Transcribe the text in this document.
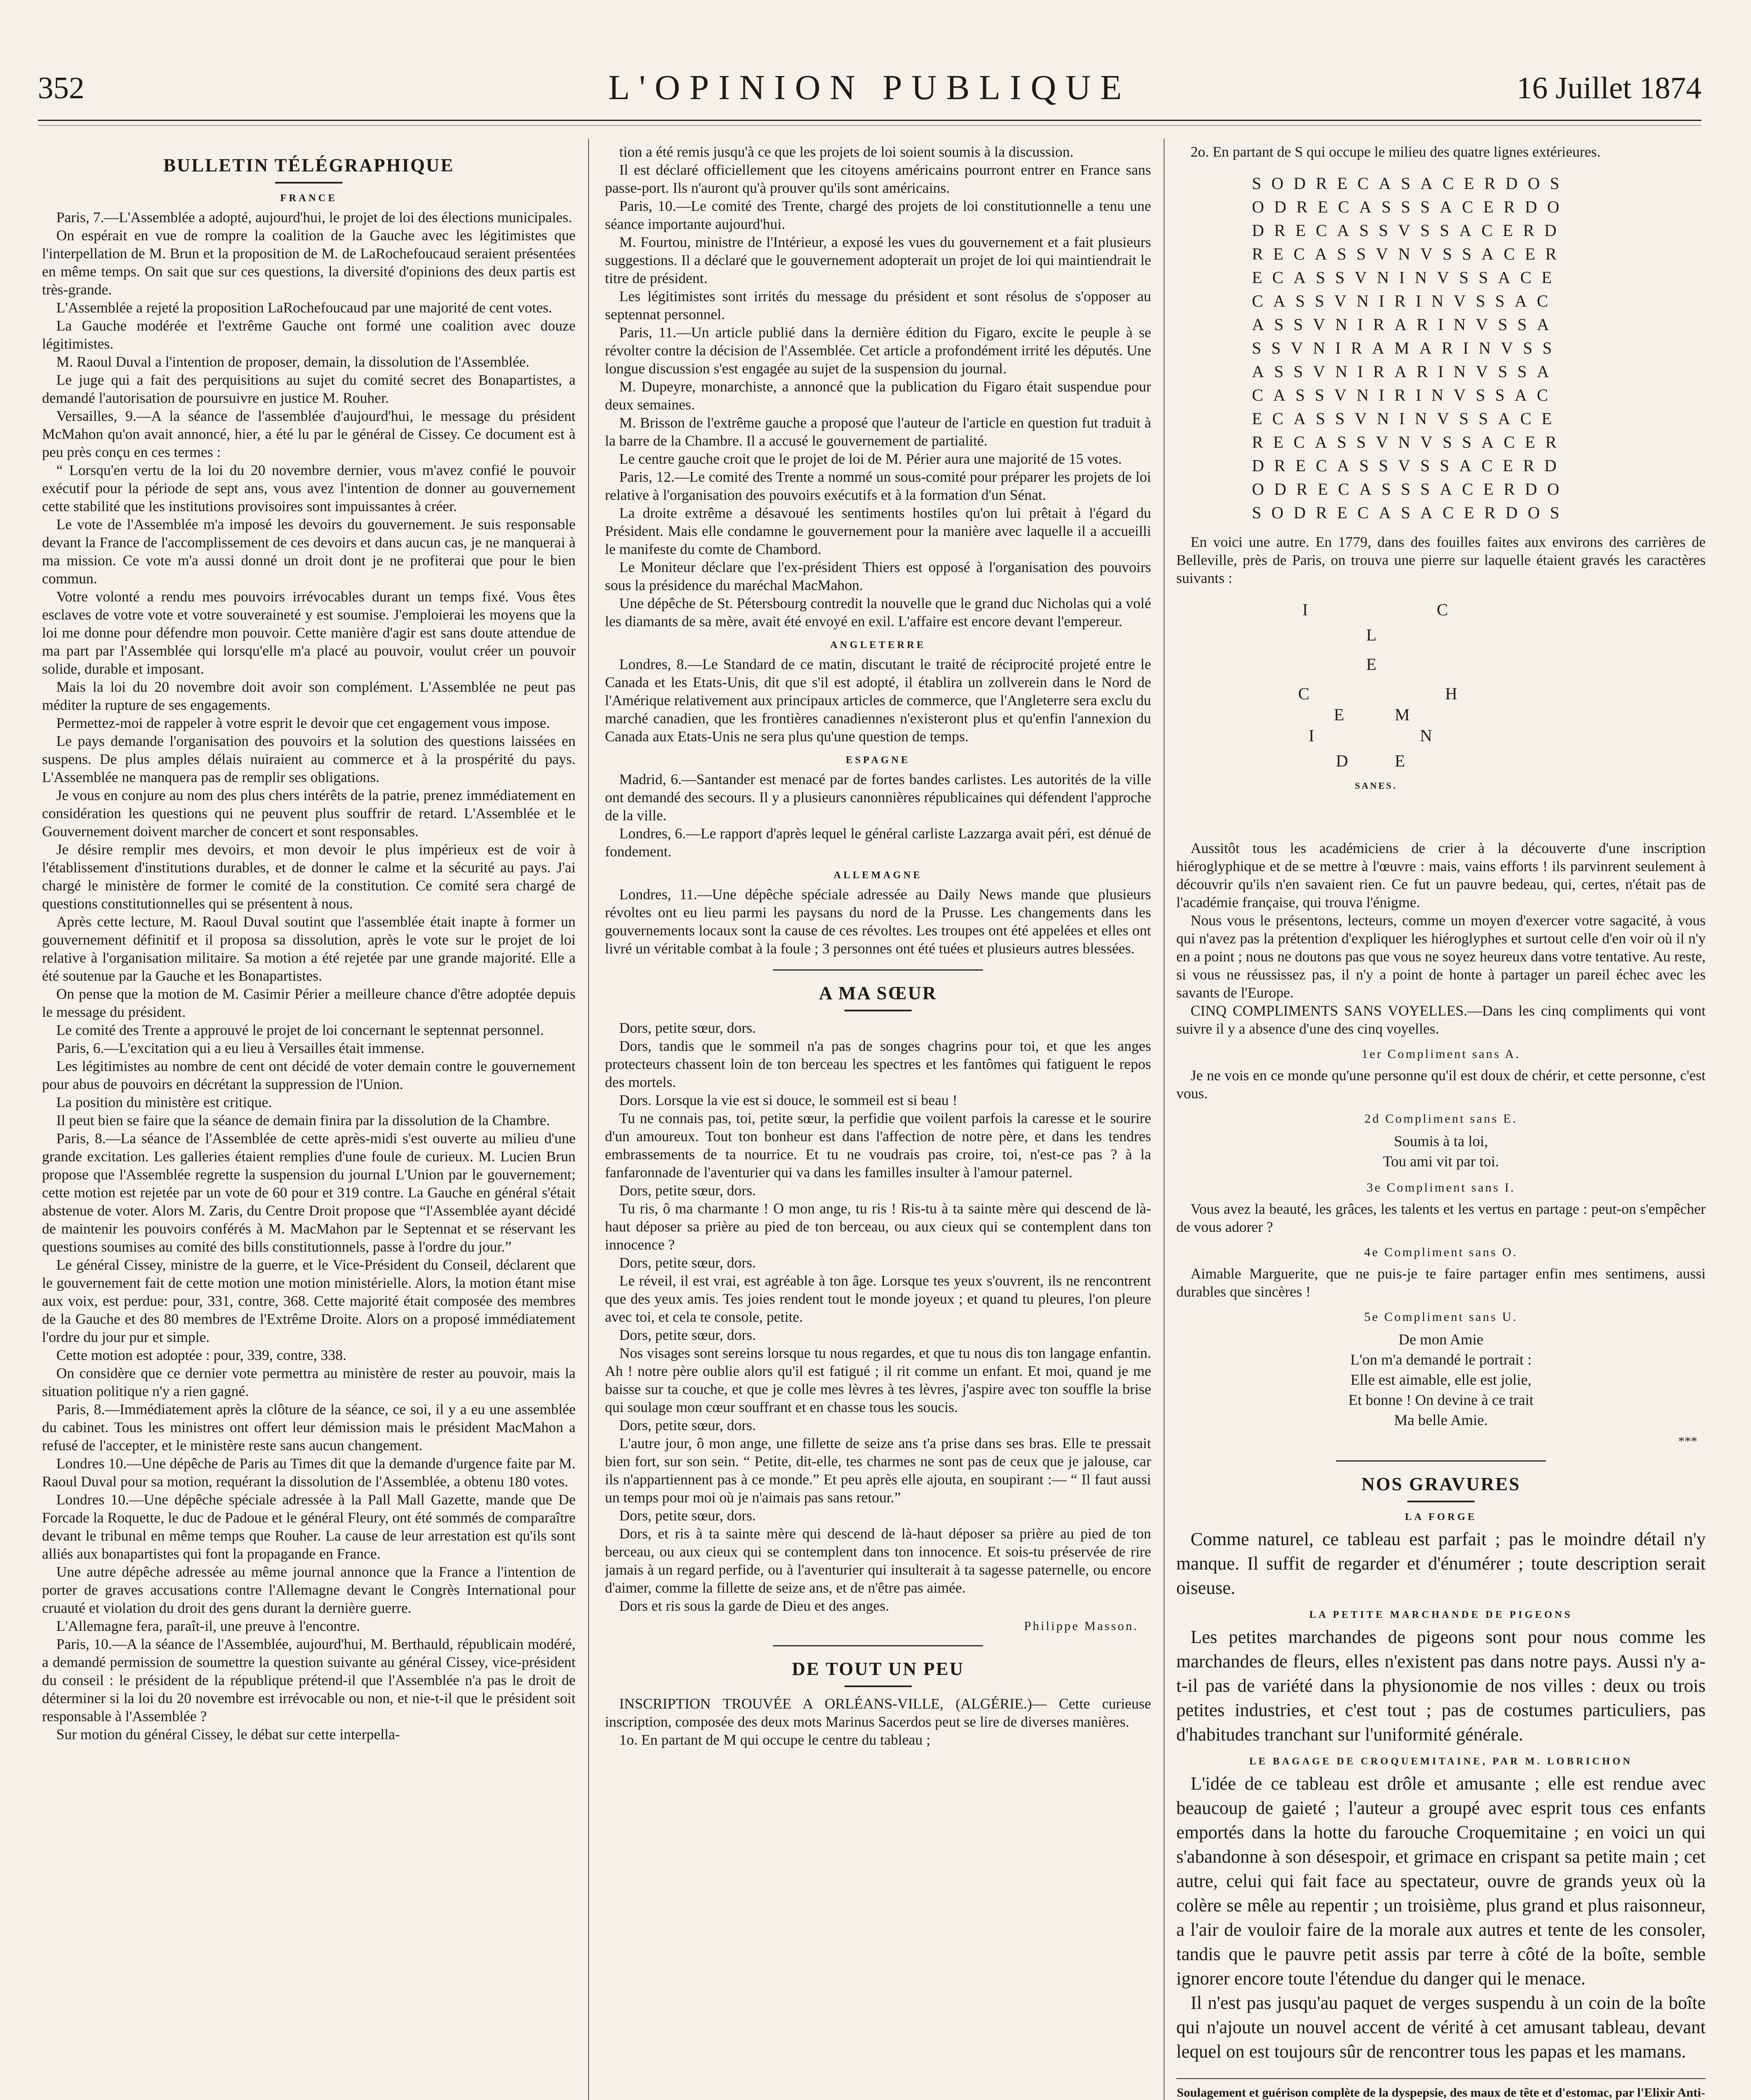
352	L'OPINION PUBLIQUE	16 Juillet 1874
BULLETIN TÉLÉGRAPHIQUE
FRANCE

Paris, 7.—L'Assemblée a adopté, aujourd'hui, le projet de loi des élections municipales.

On espérait en vue de rompre la coalition de la Gauche avec les légitimistes que l'interpellation de M. Brun et la proposition de M. de LaRochefoucaud seraient présentées en même temps. On sait que sur ces questions, la diversité d'opinions des deux partis est très-grande.

L'Assemblée a rejeté la proposition LaRochefoucaud par une majorité de cent votes.

La Gauche modérée et l'extrême Gauche ont formé une coalition avec douze légitimistes.

M. Raoul Duval a l'intention de proposer, demain, la dissolution de l'Assemblée.

Le juge qui a fait des perquisitions au sujet du comité secret des Bonapartistes, a demandé l'autorisation de poursuivre en justice M. Rouher.

Versailles, 9.—A la séance de l'assemblée d'aujourd'hui, le message du président McMahon qu'on avait annoncé, hier, a été lu par le général de Cissey. Ce document est à peu près conçu en ces termes :

“ Lorsqu'en vertu de la loi du 20 novembre dernier, vous m'avez confié le pouvoir exécutif pour la période de sept ans, vous avez l'intention de donner au gouvernement cette stabilité que les institutions provisoires sont impuissantes à créer.

Le vote de l'Assemblée m'a imposé les devoirs du gouvernement. Je suis responsable devant la France de l'accomplissement de ces devoirs et dans aucun cas, je ne manquerai à ma mission. Ce vote m'a aussi donné un droit dont je ne profiterai que pour le bien commun.

Votre volonté a rendu mes pouvoirs irrévocables durant un temps fixé. Vous êtes esclaves de votre vote et votre souveraineté y est soumise. J'emploierai les moyens que la loi me donne pour défendre mon pouvoir. Cette manière d'agir est sans doute attendue de ma part par l'Assemblée qui lorsqu'elle m'a placé au pouvoir, voulut créer un pouvoir solide, durable et imposant.

Mais la loi du 20 novembre doit avoir son complément. L'Assemblée ne peut pas méditer la rupture de ses engagements.

Permettez-moi de rappeler à votre esprit le devoir que cet engagement vous impose.

Le pays demande l'organisation des pouvoirs et la solution des questions laissées en suspens. De plus amples délais nuiraient au commerce et à la prospérité du pays. L'Assemblée ne manquera pas de remplir ses obligations.

Je vous en conjure au nom des plus chers intérêts de la patrie, prenez immédiatement en considération les questions qui ne peuvent plus souffrir de retard. L'Assemblée et le Gouvernement doivent marcher de concert et sont responsables.

Je désire remplir mes devoirs, et mon devoir le plus impérieux est de voir à l'établissement d'institutions durables, et de donner le calme et la sécurité au pays. J'ai chargé le ministère de former le comité de la constitution. Ce comité sera chargé de questions constitutionnelles qui se présentent à nous.

Après cette lecture, M. Raoul Duval soutint que l'assemblée était inapte à former un gouvernement définitif et il proposa sa dissolution, après le vote sur le projet de loi relative à l'organisation militaire. Sa motion a été rejetée par une grande majorité. Elle a été soutenue par la Gauche et les Bonapartistes.

On pense que la motion de M. Casimir Périer a meilleure chance d'être adoptée depuis le message du président.

Le comité des Trente a approuvé le projet de loi concernant le septennat personnel.

Paris, 6.—L'excitation qui a eu lieu à Versailles était immense.

Les légitimistes au nombre de cent ont décidé de voter demain contre le gouvernement pour abus de pouvoirs en décrétant la suppression de l'Union.

La position du ministère est critique.

Il peut bien se faire que la séance de demain finira par la dissolution de la Chambre.

Paris, 8.—La séance de l'Assemblée de cette après-midi s'est ouverte au milieu d'une grande excitation. Les galleries étaient remplies d'une foule de curieux. M. Lucien Brun propose que l'Assemblée regrette la suspension du journal L'Union par le gouvernement; cette motion est rejetée par un vote de 60 pour et 319 contre. La Gauche en général s'était abstenue de voter. Alors M. Zaris, du Centre Droit propose que “l'Assemblée ayant décidé de maintenir les pouvoirs conférés à M. MacMahon par le Septennat et se réservant les questions soumises au comité des bills constitutionnels, passe à l'ordre du jour.”

Le général Cissey, ministre de la guerre, et le Vice-Président du Conseil, déclarent que le gouvernement fait de cette motion une motion ministérielle. Alors, la motion étant mise aux voix, est perdue: pour, 331, contre, 368. Cette majorité était composée des membres de la Gauche et des 80 membres de l'Extrême Droite. Alors on a proposé immédiatement l'ordre du jour pur et simple.

Cette motion est adoptée : pour, 339, contre, 338.

On considère que ce dernier vote permettra au ministère de rester au pouvoir, mais la situation politique n'y a rien gagné.

Paris, 8.—Immédiatement après la clôture de la séance, ce soi, il y a eu une assemblée du cabinet. Tous les ministres ont offert leur démission mais le président MacMahon a refusé de l'accepter, et le ministère reste sans aucun changement.

Londres 10.—Une dépêche de Paris au Times dit que la demande d'urgence faite par M. Raoul Duval pour sa motion, requérant la dissolution de l'Assemblée, a obtenu 180 votes.

Londres 10.—Une dépêche spéciale adressée à la Pall Mall Gazette, mande que De Forcade la Roquette, le duc de Padoue et le général Fleury, ont été sommés de comparaître devant le tribunal en même temps que Rouher. La cause de leur arrestation est qu'ils sont alliés aux bonapartistes qui font la propagande en France.

Une autre dépêche adressée au même journal annonce que la France a l'intention de porter de graves accusations contre l'Allemagne devant le Congrès International pour cruauté et violation du droit des gens durant la dernière guerre.

L'Allemagne fera, paraît-il, une preuve à l'encontre.

Paris, 10.—A la séance de l'Assemblée, aujourd'hui, M. Berthauld, républicain modéré, a demandé permission de soumettre la question suivante au général Cissey, vice-président du conseil : le président de la république prétend-il que l'Assemblée n'a pas le droit de déterminer si la loi du 20 novembre est irrévocable ou non, et nie-t-il que le président soit responsable à l'Assemblée ?

Sur motion du général Cissey, le débat sur cette interpella-

tion a été remis jusqu'à ce que les projets de loi soient soumis à la discussion.

Il est déclaré officiellement que les citoyens américains pourront entrer en France sans passe-port. Ils n'auront qu'à prouver qu'ils sont américains.

Paris, 10.—Le comité des Trente, chargé des projets de loi constitutionnelle a tenu une séance importante aujourd'hui.

M. Fourtou, ministre de l'Intérieur, a exposé les vues du gouvernement et a fait plusieurs suggestions. Il a déclaré que le gouvernement adopterait un projet de loi qui maintiendrait le titre de président.

Les légitimistes sont irrités du message du président et sont résolus de s'opposer au septennat personnel.

Paris, 11.—Un article publié dans la dernière édition du Figaro, excite le peuple à se révolter contre la décision de l'Assemblée. Cet article a profondément irrité les députés. Une longue discussion s'est engagée au sujet de la suspension du journal.

M. Dupeyre, monarchiste, a annoncé que la publication du Figaro était suspendue pour deux semaines.

M. Brisson de l'extrême gauche a proposé que l'auteur de l'article en question fut traduit à la barre de la Chambre. Il a accusé le gouvernement de partialité.

Le centre gauche croit que le projet de loi de M. Périer aura une majorité de 15 votes.

Paris, 12.—Le comité des Trente a nommé un sous-comité pour préparer les projets de loi relative à l'organisation des pouvoirs exécutifs et à la formation d'un Sénat.

La droite extrême a désavoué les sentiments hostiles qu'on lui prêtait à l'égard du Président. Mais elle condamne le gouvernement pour la manière avec laquelle il a accueilli le manifeste du comte de Chambord.

Le Moniteur déclare que l'ex-président Thiers est opposé à l'organisation des pouvoirs sous la présidence du maréchal MacMahon.

Une dépêche de St. Pétersbourg contredit la nouvelle que le grand duc Nicholas qui a volé les diamants de sa mère, avait été envoyé en exil. L'affaire est encore devant l'empereur.

ANGLETERRE

Londres, 8.—Le Standard de ce matin, discutant le traité de réciprocité projeté entre le Canada et les Etats-Unis, dit que s'il est adopté, il établira un zollverein dans le Nord de l'Amérique relativement aux principaux articles de commerce, que l'Angleterre sera exclu du marché canadien, que les frontières canadiennes n'existeront plus et qu'enfin l'annexion du Canada aux Etats-Unis ne sera plus qu'une question de temps.

ESPAGNE

Madrid, 6.—Santander est menacé par de fortes bandes carlistes. Les autorités de la ville ont demandé des secours. Il y a plusieurs canonnières républicaines qui défendent l'approche de la ville.

Londres, 6.—Le rapport d'après lequel le général carliste Lazzarga avait péri, est dénué de fondement.

ALLEMAGNE

Londres, 11.—Une dépêche spéciale adressée au Daily News mande que plusieurs révoltes ont eu lieu parmi les paysans du nord de la Prusse. Les changements dans les gouvernements locaux sont la cause de ces révoltes. Les troupes ont été appelées et elles ont livré un véritable combat à la foule ; 3 personnes ont été tuées et plusieurs autres blessées.

A MA SŒUR

Dors, petite sœur, dors.

Dors, tandis que le sommeil n'a pas de songes chagrins pour toi, et que les anges protecteurs chassent loin de ton berceau les spectres et les fantômes qui fatiguent le repos des mortels.

Dors. Lorsque la vie est si douce, le sommeil est si beau !

Tu ne connais pas, toi, petite sœur, la perfidie que voilent parfois la caresse et le sourire d'un amoureux. Tout ton bonheur est dans l'affection de notre père, et dans les tendres embrassements de ta nourrice. Et tu ne voudrais pas croire, toi, n'est-ce pas ? à la fanfaronnade de l'aventurier qui va dans les familles insulter à l'amour paternel.

Dors, petite sœur, dors.

Tu ris, ô ma charmante ! O mon ange, tu ris ! Ris-tu à ta sainte mère qui descend de là-haut déposer sa prière au pied de ton berceau, ou aux cieux qui se contemplent dans ton innocence ?

Dors, petite sœur, dors.

Le réveil, il est vrai, est agréable à ton âge. Lorsque tes yeux s'ouvrent, ils ne rencontrent que des yeux amis. Tes joies rendent tout le monde joyeux ; et quand tu pleures, l'on pleure avec toi, et cela te console, petite.

Dors, petite sœur, dors.

Nos visages sont sereins lorsque tu nous regardes, et que tu nous dis ton langage enfantin. Ah ! notre père oublie alors qu'il est fatigué ; il rit comme un enfant. Et moi, quand je me baisse sur ta couche, et que je colle mes lèvres à tes lèvres, j'aspire avec ton souffle la brise qui soulage mon cœur souffrant et en chasse tous les soucis.

Dors, petite sœur, dors.

L'autre jour, ô mon ange, une fillette de seize ans t'a prise dans ses bras. Elle te pressait bien fort, sur son sein. “ Petite, dit-elle, tes charmes ne sont pas de ceux que je jalouse, car ils n'appartiennent pas à ce monde.” Et peu après elle ajouta, en soupirant :— “ Il faut aussi un temps pour moi où je n'aimais pas sans retour.”

Dors, petite sœur, dors.

Dors, et ris à ta sainte mère qui descend de là-haut déposer sa prière au pied de ton berceau, ou aux cieux qui se contemplent dans ton innocence. Et sois-tu préservée de rire jamais à un regard perfide, ou à l'aventurier qui insulterait à ta sagesse paternelle, ou encore d'aimer, comme la fillette de seize ans, et de n'être pas aimée.

Dors et ris sous la garde de Dieu et des anges.

Philippe Masson.
DE TOUT UN PEU

INSCRIPTION TROUVÉE A ORLÉANS-VILLE, (ALGÉRIE.)— Cette curieuse inscription, composée des deux mots Marinus Sacerdos peut se lire de diverses manières.

1o. En partant de M qui occupe le centre du tableau ;

2o. En partant de S qui occupe le milieu des quatre lignes extérieures.

SODRECASACERDOS
ODRECASSSACERDO
DRECASSVSSACERD
RECASSVNVSSACER
ECASSVNINVSSACE
CASSVNIRINVSSAC
ASSVNIRARINVSSA
SSVNIRAMARINVSS
ASSVNIRARINVSSA
CASSVNIRINVSSAC
ECASSVNINVSSACE
RECASSVNVSSACER
DRECASSVSSACERD
ODRECASSSACERDO
SODRECASACERDOS

En voici une autre. En 1779, dans des fouilles faites aux environs des carrières de Belleville, près de Paris, on trouva une pierre sur laquelle étaient gravés les caractères suivants :

I	C
L
E
C	H
E	M
I	N
D	E
SANES.

Aussitôt tous les académiciens de crier à la découverte d'une inscription hiéroglyphique et de se mettre à l'œuvre : mais, vains efforts ! ils parvinrent seulement à découvrir qu'ils n'en savaient rien. Ce fut un pauvre bedeau, qui, certes, n'était pas de l'académie française, qui trouva l'énigme.

Nous vous le présentons, lecteurs, comme un moyen d'exercer votre sagacité, à vous qui n'avez pas la prétention d'expliquer les hiéroglyphes et surtout celle d'en voir où il n'y en a point ; nous ne doutons pas que vous ne soyez heureux dans votre tentative. Au reste, si vous ne réussissez pas, il n'y a point de honte à partager un pareil échec avec les savants de l'Europe.

CINQ COMPLIMENTS SANS VOYELLES.—Dans les cinq compliments qui vont suivre il y a absence d'une des cinq voyelles.

1er Compliment sans A.

Je ne vois en ce monde qu'une personne qu'il est doux de chérir, et cette personne, c'est vous.

2d Compliment sans E.

Soumis à ta loi,

Tou ami vit par toi.

3e Compliment sans I.

Vous avez la beauté, les grâces, les talents et les vertus en partage : peut-on s'empêcher de vous adorer ?

4e Compliment sans O.

Aimable Marguerite, que ne puis-je te faire partager enfin mes sentimens, aussi durables que sincères !

5e Compliment sans U.

De mon Amie

L'on m'a demandé le portrait :

Elle est aimable, elle est jolie,

Et bonne ! On devine à ce trait

Ma belle Amie.

***
NOS GRAVURES
LA FORGE

Comme naturel, ce tableau est parfait ; pas le moindre détail n'y manque. Il suffit de regarder et d'énumérer ; toute description serait oiseuse.

LA PETITE MARCHANDE DE PIGEONS

Les petites marchandes de pigeons sont pour nous comme les marchandes de fleurs, elles n'existent pas dans notre pays. Aussi n'y a-t-il pas de variété dans la physionomie de nos villes : deux ou trois petites industries, et c'est tout ; pas de costumes particuliers, pas d'habitudes tranchant sur l'uniformité générale.

LE BAGAGE DE CROQUEMITAINE, PAR M. LOBRICHON

L'idée de ce tableau est drôle et amusante ; elle est rendue avec beaucoup de gaieté ; l'auteur a groupé avec esprit tous ces enfants emportés dans la hotte du farouche Croquemitaine ; en voici un qui s'abandonne à son désespoir, et grimace en crispant sa petite main ; cet autre, celui qui fait face au spectateur, ouvre de grands yeux où la colère se mêle au repentir ; un troisième, plus grand et plus raisonneur, a l'air de vouloir faire de la morale aux autres et tente de les consoler, tandis que le pauvre petit assis par terre à côté de la boîte, semble ignorer encore toute l'étendue du danger qui le menace.

Il n'est pas jusqu'au paquet de verges suspendu à un coin de la boîte qui n'ajoute un nouvel accent de vérité à cet amusant tableau, devant lequel on est toujours sûr de rencontrer tous les papas et les mamans.

Soulagement et guérison complète de la dyspepsie, des maux de tête et d'estomac, par l'Elixir Anti-
